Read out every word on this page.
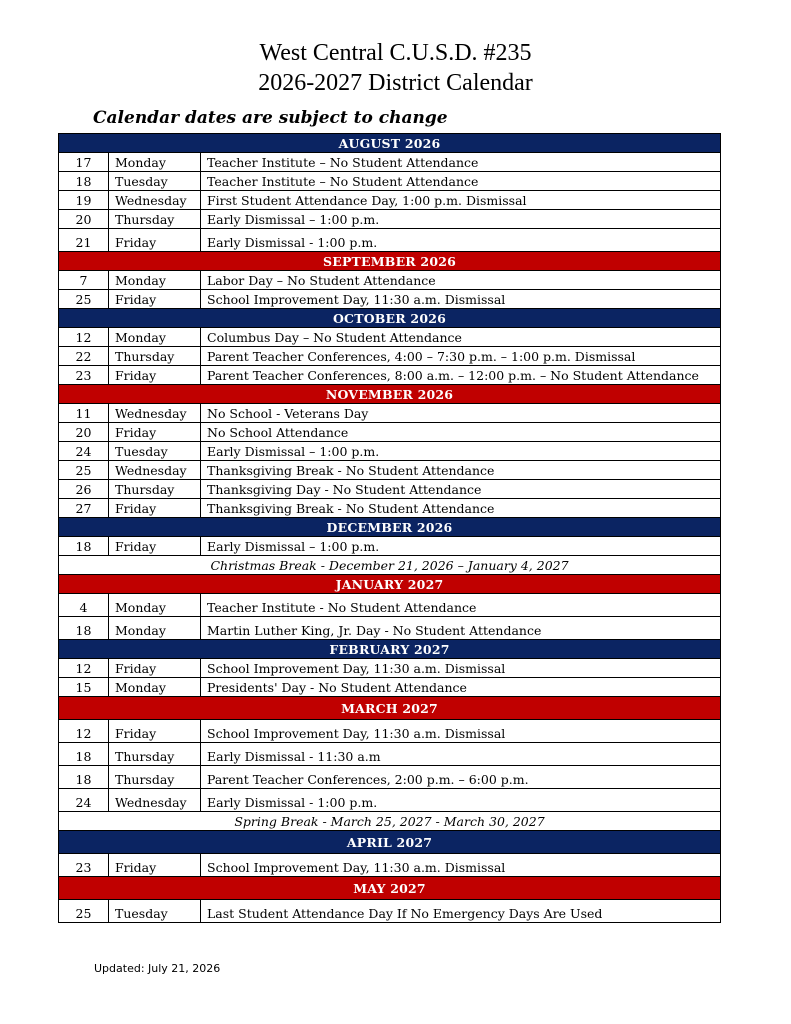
West Central C.U.S.D. #235
2026-2027 District Calendar
Calendar dates are subject to change
AUGUST 2026		
17	Monday	Teacher Institute – No Student Attendance
18	Tuesday	Teacher Institute – No Student Attendance
19	Wednesday	First Student Attendance Day, 1:00 p.m. Dismissal
20	Thursday	Early Dismissal – 1:00 p.m.
21	Friday	Early Dismissal - 1:00 p.m.
SEPTEMBER 2026		
7	Monday	Labor Day – No Student Attendance
25	Friday	School Improvement Day, 11:30 a.m. Dismissal
OCTOBER 2026		
12	Monday	Columbus Day – No Student Attendance
22	Thursday	Parent Teacher Conferences, 4:00 – 7:30 p.m. – 1:00 p.m. Dismissal
23	Friday	Parent Teacher Conferences, 8:00 a.m. – 12:00 p.m. – No Student Attendance
NOVEMBER 2026		
11	Wednesday	No School - Veterans Day
20	Friday	No School Attendance
24	Tuesday	Early Dismissal – 1:00 p.m.
25	Wednesday	Thanksgiving Break - No Student Attendance
26	Thursday	Thanksgiving Day - No Student Attendance
27	Friday	Thanksgiving Break - No Student Attendance
DECEMBER 2026		
18	Friday	Early Dismissal – 1:00 p.m.
Christmas Break - December 21, 2026 – January 4, 2027		
JANUARY 2027		
4	Monday	Teacher Institute - No Student Attendance
18	Monday	Martin Luther King, Jr. Day - No Student Attendance
FEBRUARY 2027		
12	Friday	School Improvement Day, 11:30 a.m. Dismissal
15	Monday	Presidents' Day - No Student Attendance
MARCH 2027		
12	Friday	School Improvement Day, 11:30 a.m. Dismissal
18	Thursday	Early Dismissal - 11:30 a.m
18	Thursday	Parent Teacher Conferences, 2:00 p.m. – 6:00 p.m.
24	Wednesday	Early Dismissal - 1:00 p.m.
Spring Break - March 25, 2027 - March 30, 2027		
APRIL 2027		
23	Friday	School Improvement Day, 11:30 a.m. Dismissal
MAY 2027		
25	Tuesday	Last Student Attendance Day If No Emergency Days Are Used
Updated: July 21, 2026
